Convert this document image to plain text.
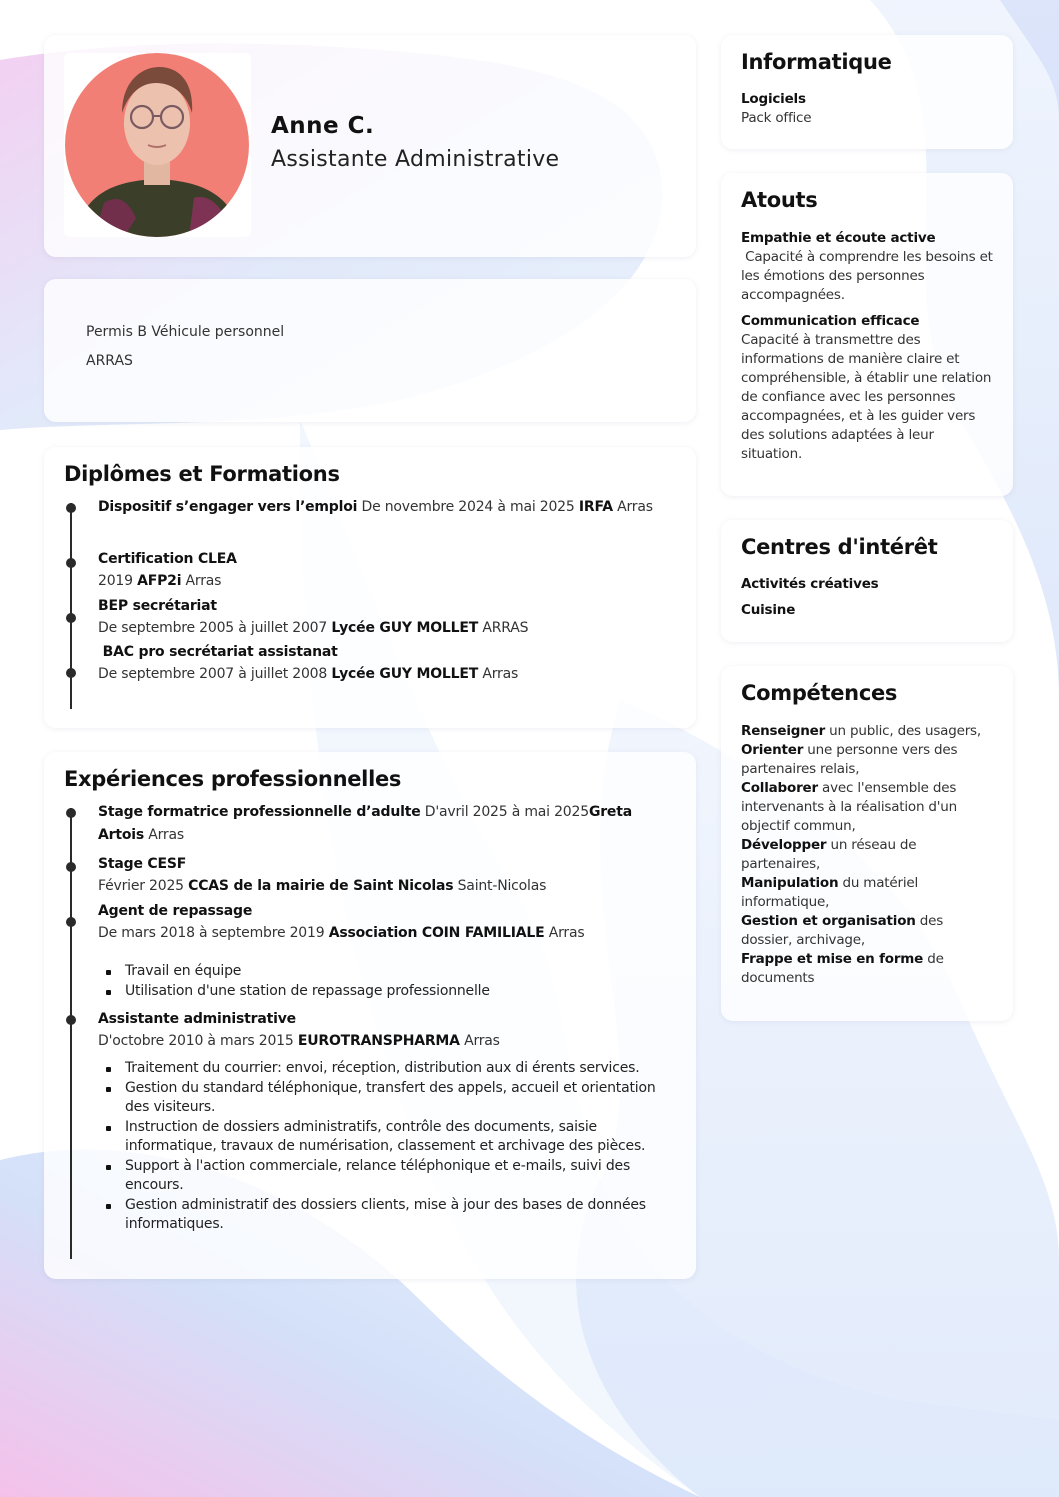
Anne C.
Assistante Administrative
Permis B Véhicule personnel
ARRAS
Diplômes et Formations
Dispositif s’engager vers l’emploi De novembre 2024 à mai 2025 IRFA Arras
Certification CLEA
2019 AFP2i Arras
BEP secrétariat
De septembre 2005 à juillet 2007 Lycée GUY MOLLET ARRAS
BAC pro secrétariat assistanat
De septembre 2007 à juillet 2008 Lycée GUY MOLLET Arras
Expériences professionnelles
Stage formatrice professionnelle d’adulte D'avril 2025 à mai 2025Greta Artois Arras
Stage CESF
Février 2025 CCAS de la mairie de Saint Nicolas Saint-Nicolas
Agent de repassage
De mars 2018 à septembre 2019 Association COIN FAMILIALE Arras
Travail en équipe
Utilisation d'une station de repassage professionnelle
Assistante administrative
D'octobre 2010 à mars 2015 EUROTRANSPHARMA Arras
Traitement du courrier: envoi, réception, distribution aux di érents services.
Gestion du standard téléphonique, transfert des appels, accueil et orientation des visiteurs.
Instruction de dossiers administratifs, contrôle des documents, saisie informatique, travaux de numérisation, classement et archivage des pièces.
Support à l'action commerciale, relance téléphonique et e-mails, suivi des encours.
Gestion administratif des dossiers clients, mise à jour des bases de données informatiques.
Informatique
Logiciels
Pack office
Atouts
Empathie et écoute active
Capacité à comprendre les besoins et les émotions des personnes accompagnées.
Communication efficace
Capacité à transmettre des informations de manière claire et compréhensible, à établir une relation de confiance avec les personnes accompagnées, et à les guider vers des solutions adaptées à leur situation.
Centres d'intérêt
Activités créatives
Cuisine
Compétences
Renseigner un public, des usagers,
Orienter une personne vers des partenaires relais,
Collaborer avec l'ensemble des intervenants à la réalisation d'un objectif commun,
Développer un réseau de partenaires,
Manipulation du matériel informatique,
Gestion et organisation des dossier, archivage,
Frappe et mise en forme de documents
